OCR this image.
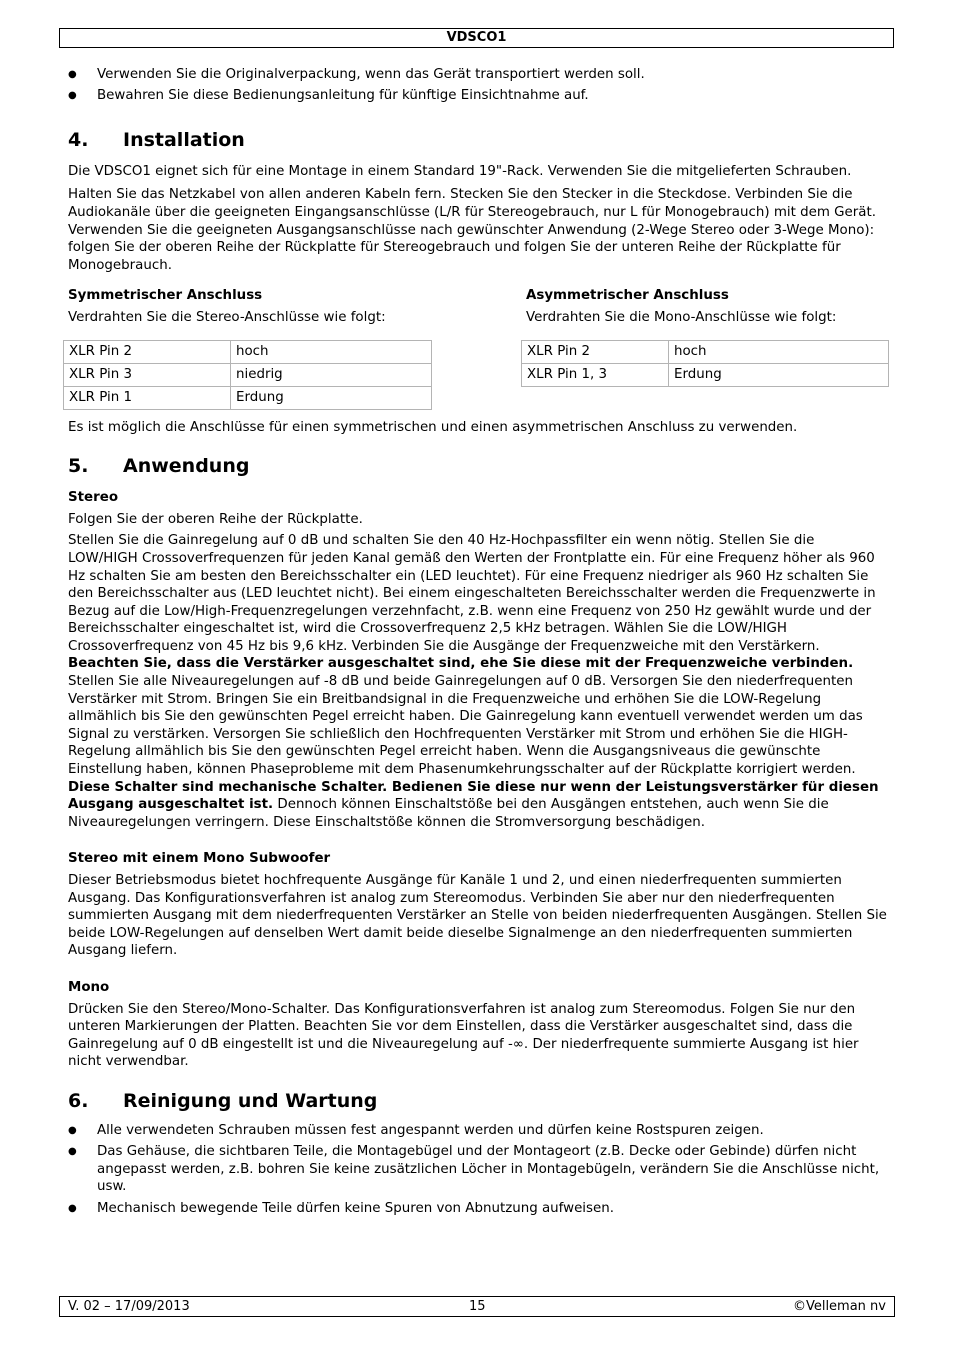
VDSCO1
● Verwenden Sie die Originalverpackung, wenn das Gerät transportiert werden soll.
● Bewahren Sie diese Bedienungsanleitung für künftige Einsichtnahme auf.
4.	Installation

Die VDSCO1 eignet sich für eine Montage in einem Standard 19"-Rack. Verwenden Sie die mitgelieferten Schrauben.

Halten Sie das Netzkabel von allen anderen Kabeln fern. Stecken Sie den Stecker in die Steckdose. Verbinden Sie die Audiokanäle über die geeigneten Eingangsanschlüsse (L/R für Stereogebrauch, nur L für Monogebrauch) mit dem Gerät. Verwenden Sie die geeigneten Ausgangsanschlüsse nach gewünschter Anwendung (2-Wege Stereo oder 3-Wege Mono): folgen Sie der oberen Reihe der Rückplatte für Stereogebrauch und folgen Sie der unteren Reihe der Rückplatte für Monogebrauch.

Symmetrischer Anschluss

Verdrahten Sie die Stereo-Anschlüsse wie folgt:

XLR Pin 2	hoch
XLR Pin 3	niedrig
XLR Pin 1	Erdung
Asymmetrischer Anschluss

Verdrahten Sie die Mono-Anschlüsse wie folgt:

XLR Pin 2	hoch
XLR Pin 1, 3	Erdung

Es ist möglich die Anschlüsse für einen symmetrischen und einen asymmetrischen Anschluss zu verwenden.

5.	Anwendung
Stereo

Folgen Sie der oberen Reihe der Rückplatte.

Stellen Sie die Gainregelung auf 0 dB und schalten Sie den 40 Hz-Hochpassfilter ein wenn nötig. Stellen Sie die LOW/HIGH Crossoverfrequenzen für jeden Kanal gemäß den Werten der Frontplatte ein. Für eine Frequenz höher als 960 Hz schalten Sie am besten den Bereichsschalter ein (LED leuchtet). Für eine Frequenz niedriger als 960 Hz schalten Sie den Bereichsschalter aus (LED leuchtet nicht). Bei einem eingeschalteten Bereichsschalter werden die Frequenzwerte in Bezug auf die Low/High-Frequenzregelungen verzehnfacht, z.B. wenn eine Frequenz von 250 Hz gewählt wurde und der Bereichsschalter eingeschaltet ist, wird die Crossoverfrequenz 2,5 kHz betragen. Wählen Sie die LOW/HIGH Crossoverfrequenz von 45 Hz bis 9,6 kHz. Verbinden Sie die Ausgänge der Frequenzweiche mit den Verstärkern. Beachten Sie, dass die Verstärker ausgeschaltet sind, ehe Sie diese mit der Frequenzweiche verbinden. Stellen Sie alle Niveauregelungen auf -8 dB und beide Gainregelungen auf 0 dB. Versorgen Sie den niederfrequenten Verstärker mit Strom. Bringen Sie ein Breitbandsignal in die Frequenzweiche und erhöhen Sie die LOW-Regelung allmählich bis Sie den gewünschten Pegel erreicht haben. Die Gainregelung kann eventuell verwendet werden um das Signal zu verstärken. Versorgen Sie schließlich den Hochfrequenten Verstärker mit Strom und erhöhen Sie die HIGH-Regelung allmählich bis Sie den gewünschten Pegel erreicht haben. Wenn die Ausgangsniveaus die gewünschte Einstellung haben, können Phaseprobleme mit dem Phasenumkehrungsschalter auf der Rückplatte korrigiert werden. Diese Schalter sind mechanische Schalter. Bedienen Sie diese nur wenn der Leistungsverstärker für diesen Ausgang ausgeschaltet ist. Dennoch können Einschaltstöße bei den Ausgängen entstehen, auch wenn Sie die Niveauregelungen verringern. Diese Einschaltstöße können die Stromversorgung beschädigen.

Stereo mit einem Mono Subwoofer

Dieser Betriebsmodus bietet hochfrequente Ausgänge für Kanäle 1 und 2, und einen niederfrequenten summierten Ausgang. Das Konfigurationsverfahren ist analog zum Stereomodus. Verbinden Sie aber nur den niederfrequenten summierten Ausgang mit dem niederfrequenten Verstärker an Stelle von beiden niederfrequenten Ausgängen. Stellen Sie beide LOW-Regelungen auf denselben Wert damit beide dieselbe Signalmenge an den niederfrequenten summierten Ausgang liefern.

Mono

Drücken Sie den Stereo/Mono-Schalter. Das Konfigurationsverfahren ist analog zum Stereomodus. Folgen Sie nur den unteren Markierungen der Platten. Beachten Sie vor dem Einstellen, dass die Verstärker ausgeschaltet sind, dass die Gainregelung auf 0 dB eingestellt ist und die Niveauregelung auf -∞. Der niederfrequente summierte Ausgang ist hier nicht verwendbar.

6.	Reinigung und Wartung
● Alle verwendeten Schrauben müssen fest angespannt werden und dürfen keine Rostspuren zeigen.
● Das Gehäuse, die sichtbaren Teile, die Montagebügel und der Montageort (z.B. Decke oder Gebinde) dürfen nicht angepasst werden, z.B. bohren Sie keine zusätzlichen Löcher in Montagebügeln, verändern Sie die Anschlüsse nicht, usw.
● Mechanisch bewegende Teile dürfen keine Spuren von Abnutzung aufweisen.
V. 02 – 17/09/2013	15	©Velleman nv
